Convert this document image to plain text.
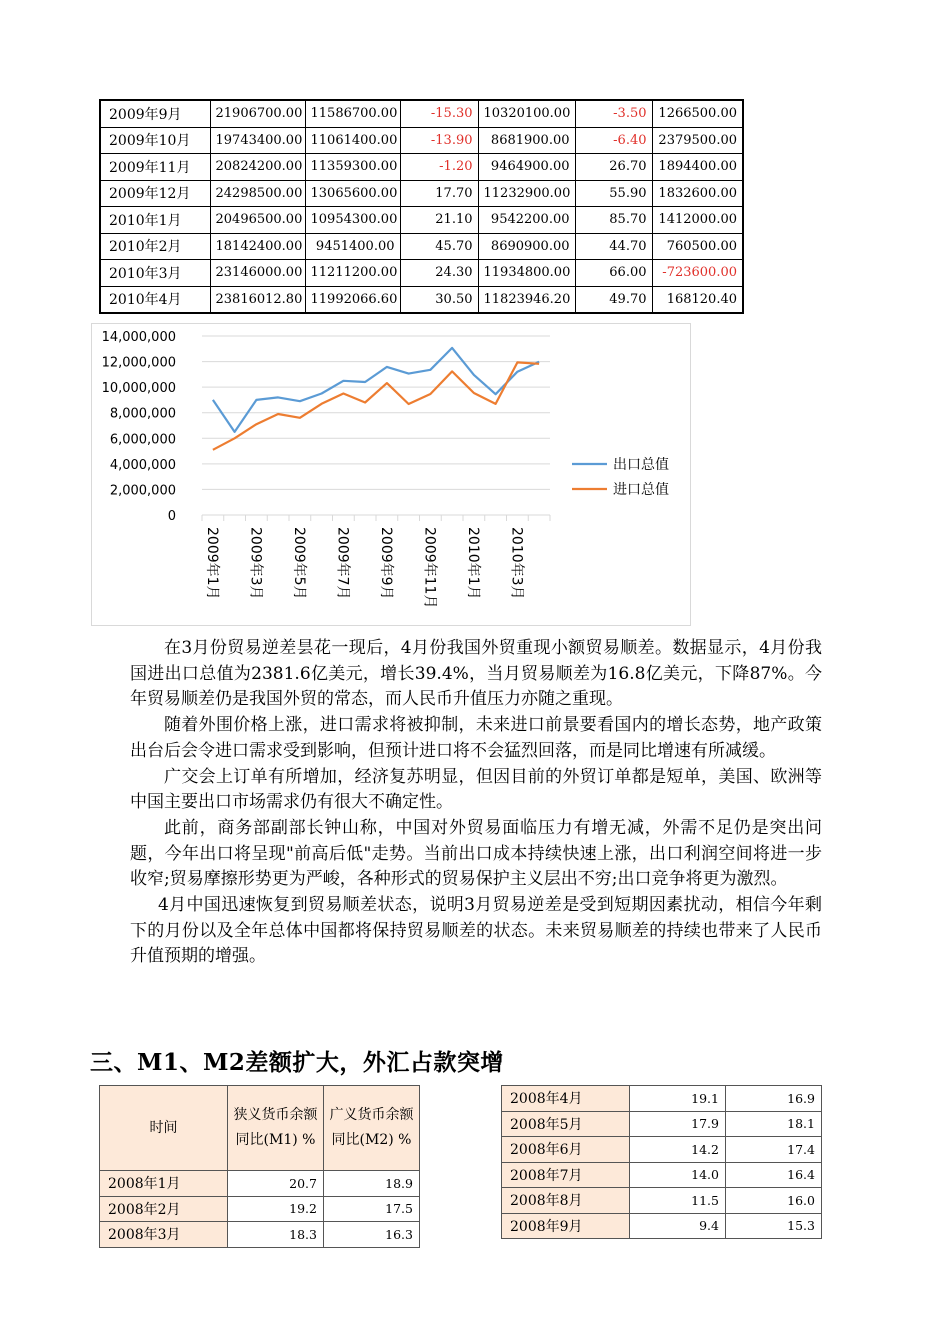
2009年9月	21906700.00	11586700.00	-15.30	10320100.00	-3.50	1266500.00
2009年10月	19743400.00	11061400.00	-13.90	8681900.00	-6.40	2379500.00
2009年11月	20824200.00	11359300.00	-1.20	9464900.00	26.70	1894400.00
2009年12月	24298500.00	13065600.00	17.70	11232900.00	55.90	1832600.00
2010年1月	20496500.00	10954300.00	21.10	9542200.00	85.70	1412000.00
2010年2月	18142400.00	9451400.00	45.70	8690900.00	44.70	760500.00
2010年3月	23146000.00	11211200.00	24.30	11934800.00	66.00	-723600.00
2010年4月	23816012.80	11992066.60	30.50	11823946.20	49.70	168120.40
0
2,000,000
4,000,000
6,000,000
8,000,000
10,000,000
12,000,000
14,000,000
2009年1月 2009年3月 2009年5月 2009年7月 2009年9月 2009年11月 2010年1月 2010年3月
出口总值
进口总值

在3月份贸易逆差昙花一现后，4月份我国外贸重现小额贸易顺差。数据显示，4月份我国进出口总值为2381.6亿美元，增长39.4%，当月贸易顺差为16.8亿美元，下降87%。今年贸易顺差仍是我国外贸的常态，而人民币升值压力亦随之重现。

随着外围价格上涨，进口需求将被抑制，未来进口前景要看国内的增长态势，地产政策出台后会令进口需求受到影响，但预计进口将不会猛烈回落，而是同比增速有所减缓。

广交会上订单有所增加，经济复苏明显，但因目前的外贸订单都是短单，美国、欧洲等中国主要出口市场需求仍有很大不确定性。

此前，商务部副部长钟山称，中国对外贸易面临压力有增无减，外需不足仍是突出问题，今年出口将呈现"前高后低"走势。当前出口成本持续快速上涨，出口利润空间将进一步收窄;贸易摩擦形势更为严峻，各种形式的贸易保护主义层出不穷;出口竞争将更为激烈。

4月中国迅速恢复到贸易顺差状态，说明3月贸易逆差是受到短期因素扰动，相信今年剩下的月份以及全年总体中国都将保持贸易顺差的状态。未来贸易顺差的持续也带来了人民币升值预期的增强。

三、M1、M2差额扩大，外汇占款突增
时间	狭义货币余额同比(M1) %	广义货币余额同比(M2) %
2008年1月	20.7	18.9
2008年2月	19.2	17.5
2008年3月	18.3	16.3
2008年4月	19.1	16.9
2008年5月	17.9	18.1
2008年6月	14.2	17.4
2008年7月	14.0	16.4
2008年8月	11.5	16.0
2008年9月	9.4	15.3
